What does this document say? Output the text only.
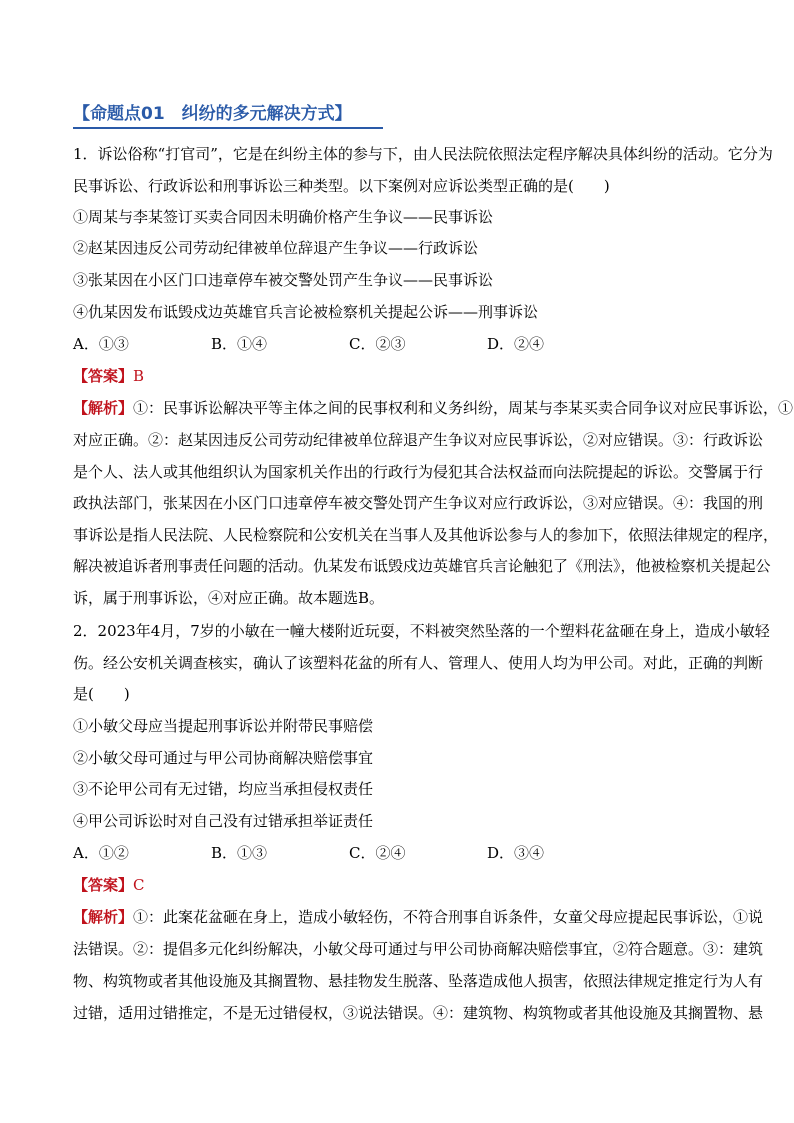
【命题点01　纠纷的多元解决方式】
1．诉讼俗称“打官司”，它是在纠纷主体的参与下，由人民法院依照法定程序解决具体纠纷的活动。它分为
民事诉讼、行政诉讼和刑事诉讼三种类型。以下案例对应诉讼类型正确的是(　　)
①周某与李某签订买卖合同因未明确价格产生争议——民事诉讼
②赵某因违反公司劳动纪律被单位辞退产生争议——行政诉讼
③张某因在小区门口违章停车被交警处罚产生争议——民事诉讼
④仇某因发布诋毁戍边英雄官兵言论被检察机关提起公诉——刑事诉讼
A．①③	B．①④	C．②③	D．②④
【答案】B
【解析】①：民事诉讼解决平等主体之间的民事权利和义务纠纷，周某与李某买卖合同争议对应民事诉讼，①
对应正确。②：赵某因违反公司劳动纪律被单位辞退产生争议对应民事诉讼，②对应错误。③：行政诉讼
是个人、法人或其他组织认为国家机关作出的行政行为侵犯其合法权益而向法院提起的诉讼。交警属于行
政执法部门，张某因在小区门口违章停车被交警处罚产生争议对应行政诉讼，③对应错误。④：我国的刑
事诉讼是指人民法院、人民检察院和公安机关在当事人及其他诉讼参与人的参加下，依照法律规定的程序，
解决被追诉者刑事责任问题的活动。仇某发布诋毁戍边英雄官兵言论触犯了《刑法》，他被检察机关提起公
诉，属于刑事诉讼，④对应正确。故本题选B。
2．2023年4月，7岁的小敏在一幢大楼附近玩耍，不料被突然坠落的一个塑料花盆砸在身上，造成小敏轻
伤。经公安机关调查核实，确认了该塑料花盆的所有人、管理人、使用人均为甲公司。对此，正确的判断
是(　　)
①小敏父母应当提起刑事诉讼并附带民事赔偿
②小敏父母可通过与甲公司协商解决赔偿事宜
③不论甲公司有无过错，均应当承担侵权责任
④甲公司诉讼时对自己没有过错承担举证责任
A．①②	B．①③	C．②④	D．③④
【答案】C
【解析】①：此案花盆砸在身上，造成小敏轻伤，不符合刑事自诉条件，女童父母应提起民事诉讼，①说
法错误。②：提倡多元化纠纷解决，小敏父母可通过与甲公司协商解决赔偿事宜，②符合题意。③：建筑
物、构筑物或者其他设施及其搁置物、悬挂物发生脱落、坠落造成他人损害，依照法律规定推定行为人有
过错，适用过错推定，不是无过错侵权，③说法错误。④：建筑物、构筑物或者其他设施及其搁置物、悬
